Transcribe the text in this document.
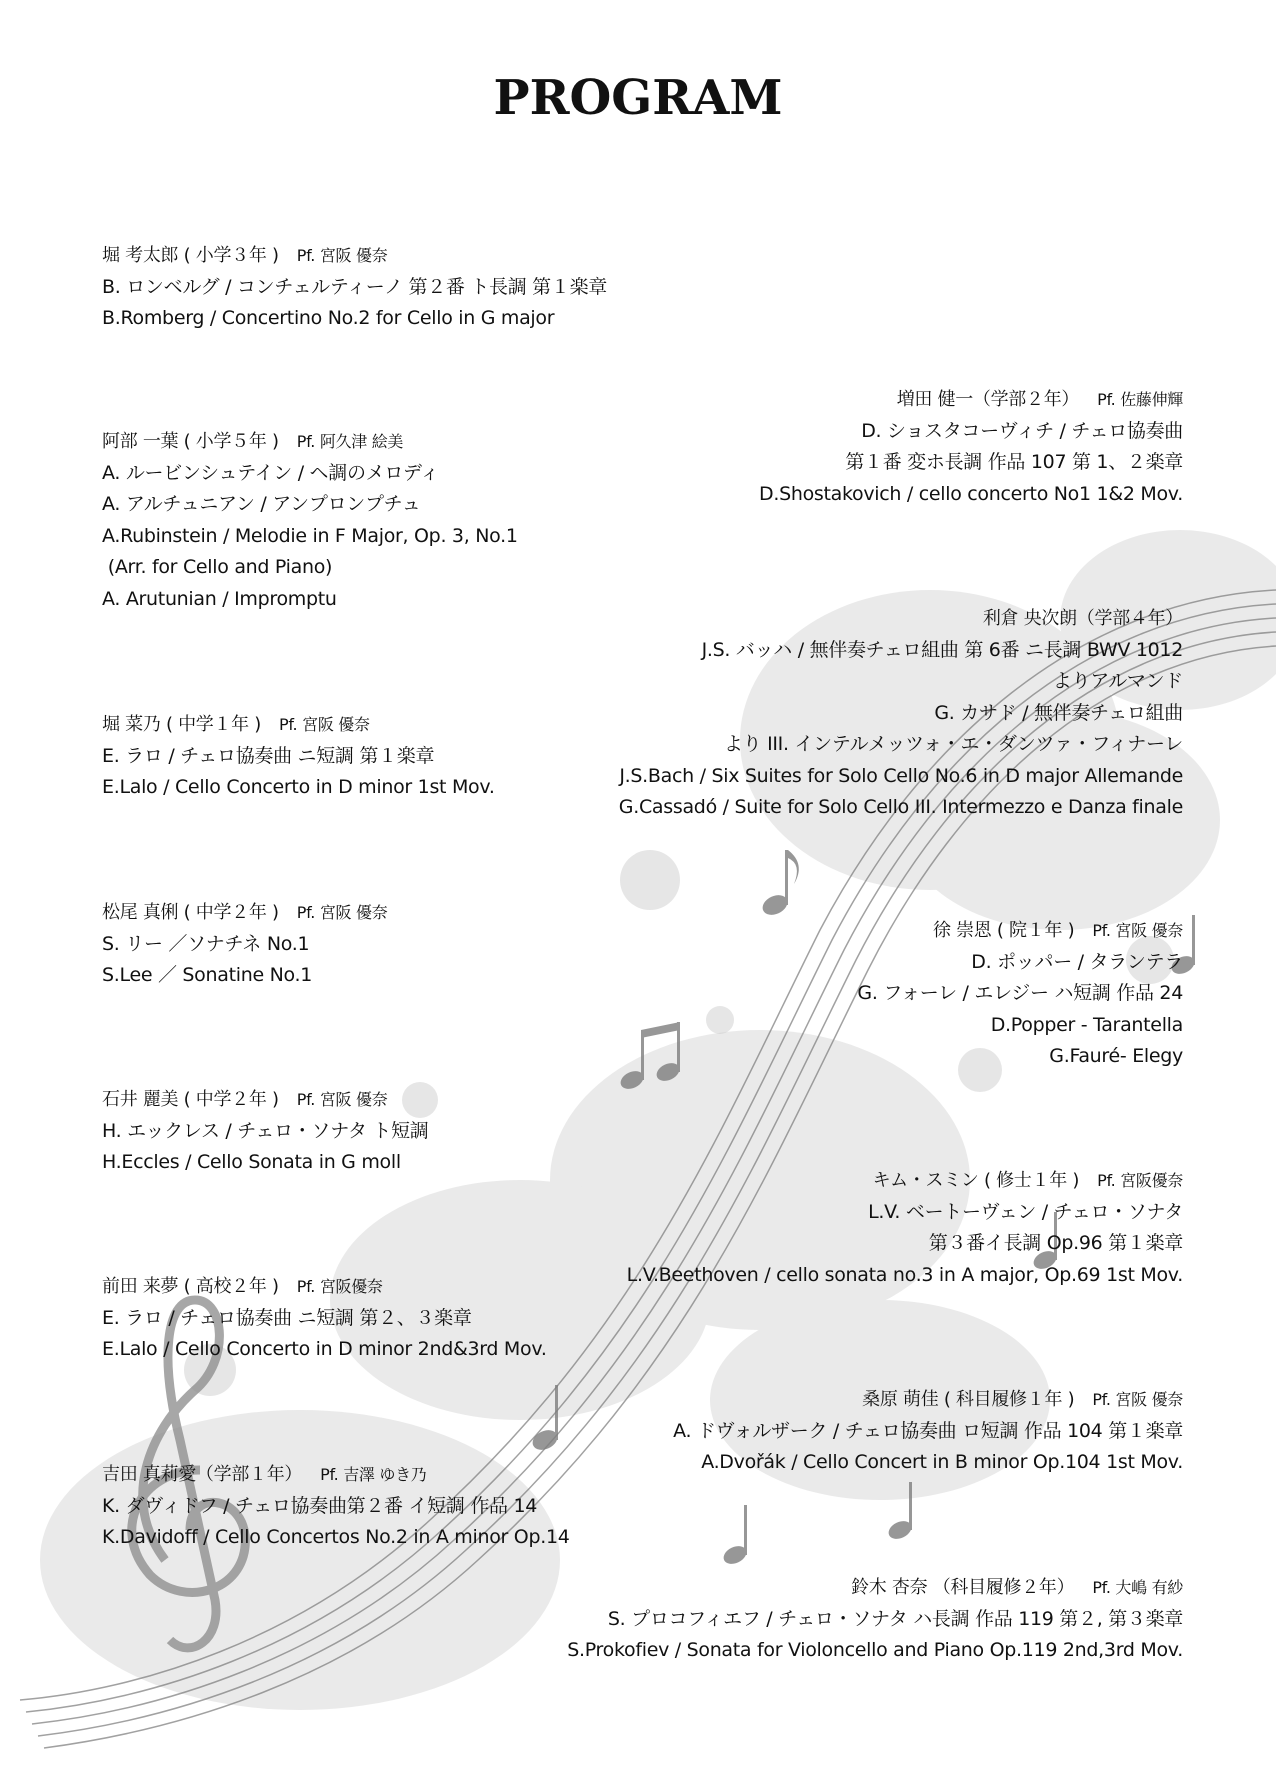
PROGRAM
堀 考太郎 ( 小学３年 ) Pf. 宮阪 優奈
B. ロンベルグ / コンチェルティーノ 第２番 ト長調 第１楽章
B.Romberg / Concertino No.2 for Cello in G major
阿部 一葉 ( 小学５年 ) Pf. 阿久津 絵美
A. ルービンシュテイン / ヘ調のメロディ
A. アルチュニアン / アンプロンプチュ
A.Rubinstein / Melodie in F Major, Op. 3, No.1
(Arr. for Cello and Piano)
A. Arutunian / Impromptu
堀 菜乃 ( 中学１年 ) Pf. 宮阪 優奈
E. ラロ / チェロ協奏曲 ニ短調 第１楽章
E.Lalo / Cello Concerto in D minor 1st Mov.
松尾 真俐 ( 中学２年 ) Pf. 宮阪 優奈
S. リー ／ソナチネ No.1
S.Lee ／ Sonatine No.1
石井 麗美 ( 中学２年 ) Pf. 宮阪 優奈
H. エックレス / チェロ・ソナタ ト短調
H.Eccles / Cello Sonata in G moll
前田 来夢 ( 高校２年 ) Pf. 宮阪優奈
E. ラロ / チェロ協奏曲 ニ短調 第２、３楽章
E.Lalo / Cello Concerto in D minor 2nd&3rd Mov.
吉田 真莉愛（学部１年） Pf. 吉澤 ゆき乃
K. ダヴィドフ / チェロ協奏曲第２番 イ短調 作品 14
K.Davidoff / Cello Concertos No.2 in A minor Op.14
増田 健一（学部２年） Pf. 佐藤伸輝
D. ショスタコーヴィチ / チェロ協奏曲
第１番 変ホ長調 作品 107 第 1、２楽章
D.Shostakovich / cello concerto No1 1&2 Mov.
利倉 央次朗（学部４年）
J.S. バッハ / 無伴奏チェロ組曲 第 6番 ニ長調 BWV 1012
よりアルマンド
G. カサド / 無伴奏チェロ組曲
より III. インテルメッツォ・エ・ダンツァ・フィナーレ
J.S.Bach / Six Suites for Solo Cello No.6 in D major Allemande
G.Cassadó / Suite for Solo Cello III. Intermezzo e Danza finale
徐 崇恩 ( 院１年 ) Pf. 宮阪 優奈
D. ポッパー / タランテラ
G. フォーレ / エレジー ハ短調 作品 24
D.Popper - Tarantella
G.Fauré- Elegy
キム・スミン ( 修士１年 ) Pf. 宮阪優奈
L.V. ベートーヴェン / チェロ・ソナタ
第３番イ長調 Op.96 第１楽章
L.V.Beethoven / cello sonata no.3 in A major, Op.69 1st Mov.
桑原 萌佳 ( 科目履修１年 ) Pf. 宮阪 優奈
A. ドヴォルザーク / チェロ協奏曲 ロ短調 作品 104 第１楽章
A.Dvořák / Cello Concert in B minor Op.104 1st Mov.
鈴木 杏奈 （科目履修２年） Pf. 大嶋 有紗
S. プロコフィエフ / チェロ・ソナタ ハ長調 作品 119 第２, 第３楽章
S.Prokofiev / Sonata for Violoncello and Piano Op.119 2nd,3rd Mov.
